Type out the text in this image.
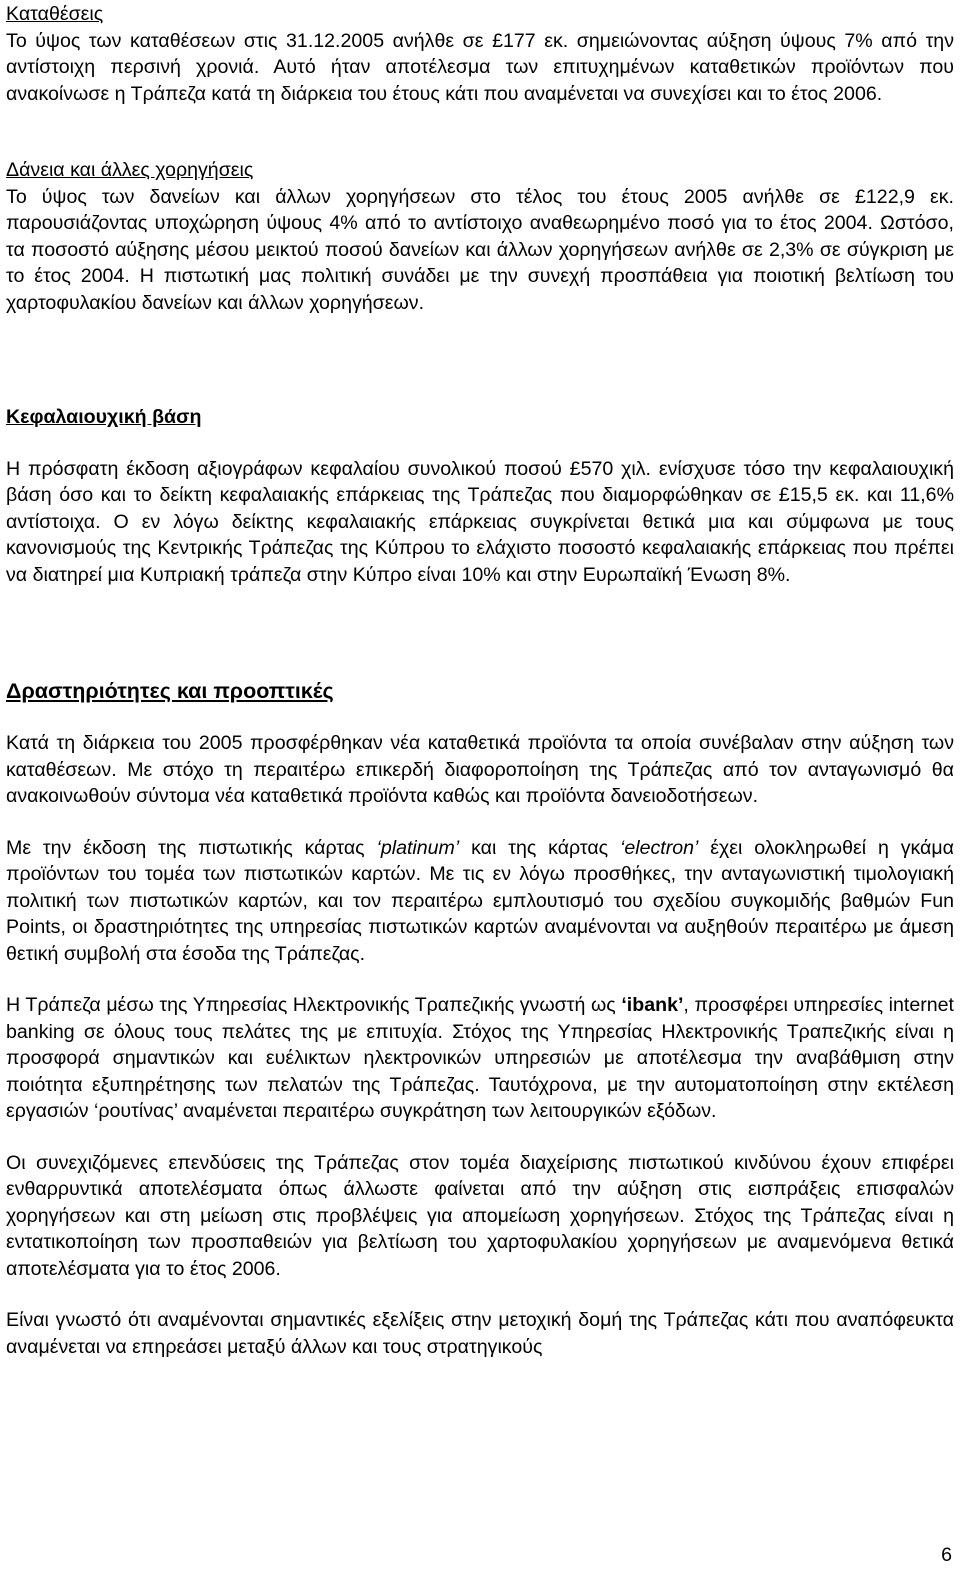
Καταθέσεις

Το ύψος των καταθέσεων στις 31.12.2005 ανήλθε σε £177 εκ. σημειώνοντας αύξηση ύψους 7% από την αντίστοιχη περσινή χρονιά. Αυτό ήταν αποτέλεσμα των επιτυχημένων καταθετικών προϊόντων που ανακοίνωσε η Τράπεζα κατά τη διάρκεια του έτους κάτι που αναμένεται να συνεχίσει και το έτος 2006.

Δάνεια και άλλες χορηγήσεις

Το ύψος των δανείων και άλλων χορηγήσεων στο τέλος του έτους 2005 ανήλθε σε £122,9 εκ. παρουσιάζοντας υποχώρηση ύψους 4% από το αντίστοιχο αναθεωρημένο ποσό για το έτος 2004. Ωστόσο, τα ποσοστό αύξησης μέσου μεικτού ποσού δανείων και άλλων χορηγήσεων ανήλθε σε 2,3% σε σύγκριση με το έτος 2004. Η πιστωτική μας πολιτική συνάδει με την συνεχή προσπάθεια για ποιοτική βελτίωση του χαρτοφυλακίου δανείων και άλλων χορηγήσεων.

Κεφαλαιουχική βάση

Η πρόσφατη έκδοση αξιογράφων κεφαλαίου συνολικού ποσού £570 χιλ. ενίσχυσε τόσο την κεφαλαιουχική βάση όσο και το δείκτη κεφαλαιακής επάρκειας της Τράπεζας που διαμορφώθηκαν σε £15,5 εκ. και 11,6% αντίστοιχα. Ο εν λόγω δείκτης κεφαλαιακής επάρκειας συγκρίνεται θετικά μια και σύμφωνα με τους κανονισμούς της Κεντρικής Τράπεζας της Κύπρου το ελάχιστο ποσοστό κεφαλαιακής επάρκειας που πρέπει να διατηρεί μια Κυπριακή τράπεζα στην Κύπρο είναι 10% και στην Ευρωπαϊκή Ένωση 8%.

Δραστηριότητες και προοπτικές

Κατά τη διάρκεια του 2005 προσφέρθηκαν νέα καταθετικά προϊόντα τα οποία συνέβαλαν στην αύξηση των καταθέσεων. Με στόχο τη περαιτέρω επικερδή διαφοροποίηση της Τράπεζας από τον ανταγωνισμό θα ανακοινωθούν σύντομα νέα καταθετικά προϊόντα καθώς και προϊόντα δανειοδοτήσεων.

Με την έκδοση της πιστωτικής κάρτας ‘platinum’ και της κάρτας ‘electron’ έχει ολοκληρωθεί η γκάμα προϊόντων του τομέα των πιστωτικών καρτών. Με τις εν λόγω προσθήκες, την ανταγωνιστική τιμολογιακή πολιτική των πιστωτικών καρτών, και τον περαιτέρω εμπλουτισμό του σχεδίου συγκομιδής βαθμών Fun Points, οι δραστηριότητες της υπηρεσίας πιστωτικών καρτών αναμένονται να αυξηθούν περαιτέρω με άμεση θετική συμβολή στα έσοδα της Τράπεζας.

Η Τράπεζα μέσω της Υπηρεσίας Ηλεκτρονικής Τραπεζικής γνωστή ως ‘ibank’, προσφέρει υπηρεσίες internet banking σε όλους τους πελάτες της με επιτυχία. Στόχος της Υπηρεσίας Ηλεκτρονικής Τραπεζικής είναι η προσφορά σημαντικών και ευέλικτων ηλεκτρονικών υπηρεσιών με αποτέλεσμα την αναβάθμιση στην ποιότητα εξυπηρέτησης των πελατών της Τράπεζας. Ταυτόχρονα, με την αυτοματοποίηση στην εκτέλεση εργασιών ‘ρουτίνας’ αναμένεται περαιτέρω συγκράτηση των λειτουργικών εξόδων.

Οι συνεχιζόμενες επενδύσεις της Τράπεζας στον τομέα διαχείρισης πιστωτικού κινδύνου έχουν επιφέρει ενθαρρυντικά αποτελέσματα όπως άλλωστε φαίνεται από την αύξηση στις εισπράξεις επισφαλών χορηγήσεων και στη μείωση στις προβλέψεις για απομείωση χορηγήσεων. Στόχος της Τράπεζας είναι η εντατικοποίηση των προσπαθειών για βελτίωση του χαρτοφυλακίου χορηγήσεων με αναμενόμενα θετικά αποτελέσματα για το έτος 2006.

Είναι γνωστό ότι αναμένονται σημαντικές εξελίξεις στην μετοχική δομή της Τράπεζας κάτι που αναπόφευκτα αναμένεται να επηρεάσει μεταξύ άλλων και τους στρατηγικούς

6
